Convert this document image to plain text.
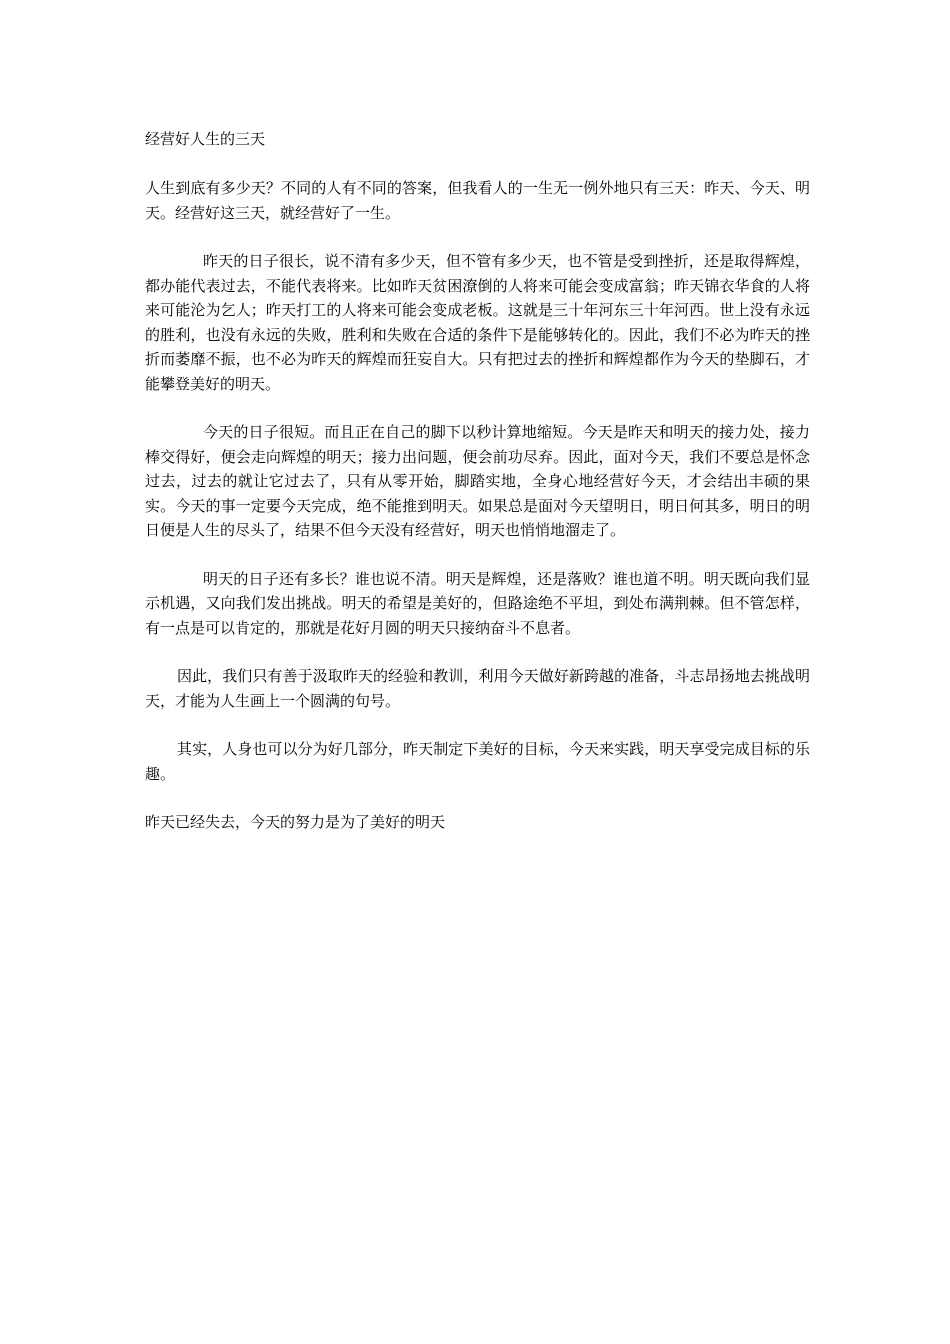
经营好人生的三天

人生到底有多少天？不同的人有不同的答案，但我看人的一生无一例外地只有三天：昨天、今天、明天。经营好这三天，就经营好了一生。

昨天的日子很长，说不清有多少天，但不管有多少天，也不管是受到挫折，还是取得辉煌，都办能代表过去，不能代表将来。比如昨天贫困潦倒的人将来可能会变成富翁；昨天锦衣华食的人将来可能沦为乞人；昨天打工的人将来可能会变成老板。这就是三十年河东三十年河西。世上没有永远的胜利，也没有永远的失败，胜利和失败在合适的条件下是能够转化的。因此，我们不必为昨天的挫折而萎靡不振，也不必为昨天的辉煌而狂妄自大。只有把过去的挫折和辉煌都作为今天的垫脚石，才能攀登美好的明天。

今天的日子很短。而且正在自己的脚下以秒计算地缩短。今天是昨天和明天的接力处，接力棒交得好，便会走向辉煌的明天；接力出问题，便会前功尽弃。因此，面对今天，我们不要总是怀念过去，过去的就让它过去了，只有从零开始，脚踏实地，全身心地经营好今天，才会结出丰硕的果实。今天的事一定要今天完成，绝不能推到明天。如果总是面对今天望明日，明日何其多，明日的明日便是人生的尽头了，结果不但今天没有经营好，明天也悄悄地溜走了。

明天的日子还有多长？谁也说不清。明天是辉煌，还是落败？谁也道不明。明天既向我们显示机遇，又向我们发出挑战。明天的希望是美好的，但路途绝不平坦，到处布满荆棘。但不管怎样，有一点是可以肯定的，那就是花好月圆的明天只接纳奋斗不息者。

因此，我们只有善于汲取昨天的经验和教训，利用今天做好新跨越的准备，斗志昂扬地去挑战明天，才能为人生画上一个圆满的句号。

其实，人身也可以分为好几部分，昨天制定下美好的目标，今天来实践，明天享受完成目标的乐趣。

昨天已经失去，今天的努力是为了美好的明天
